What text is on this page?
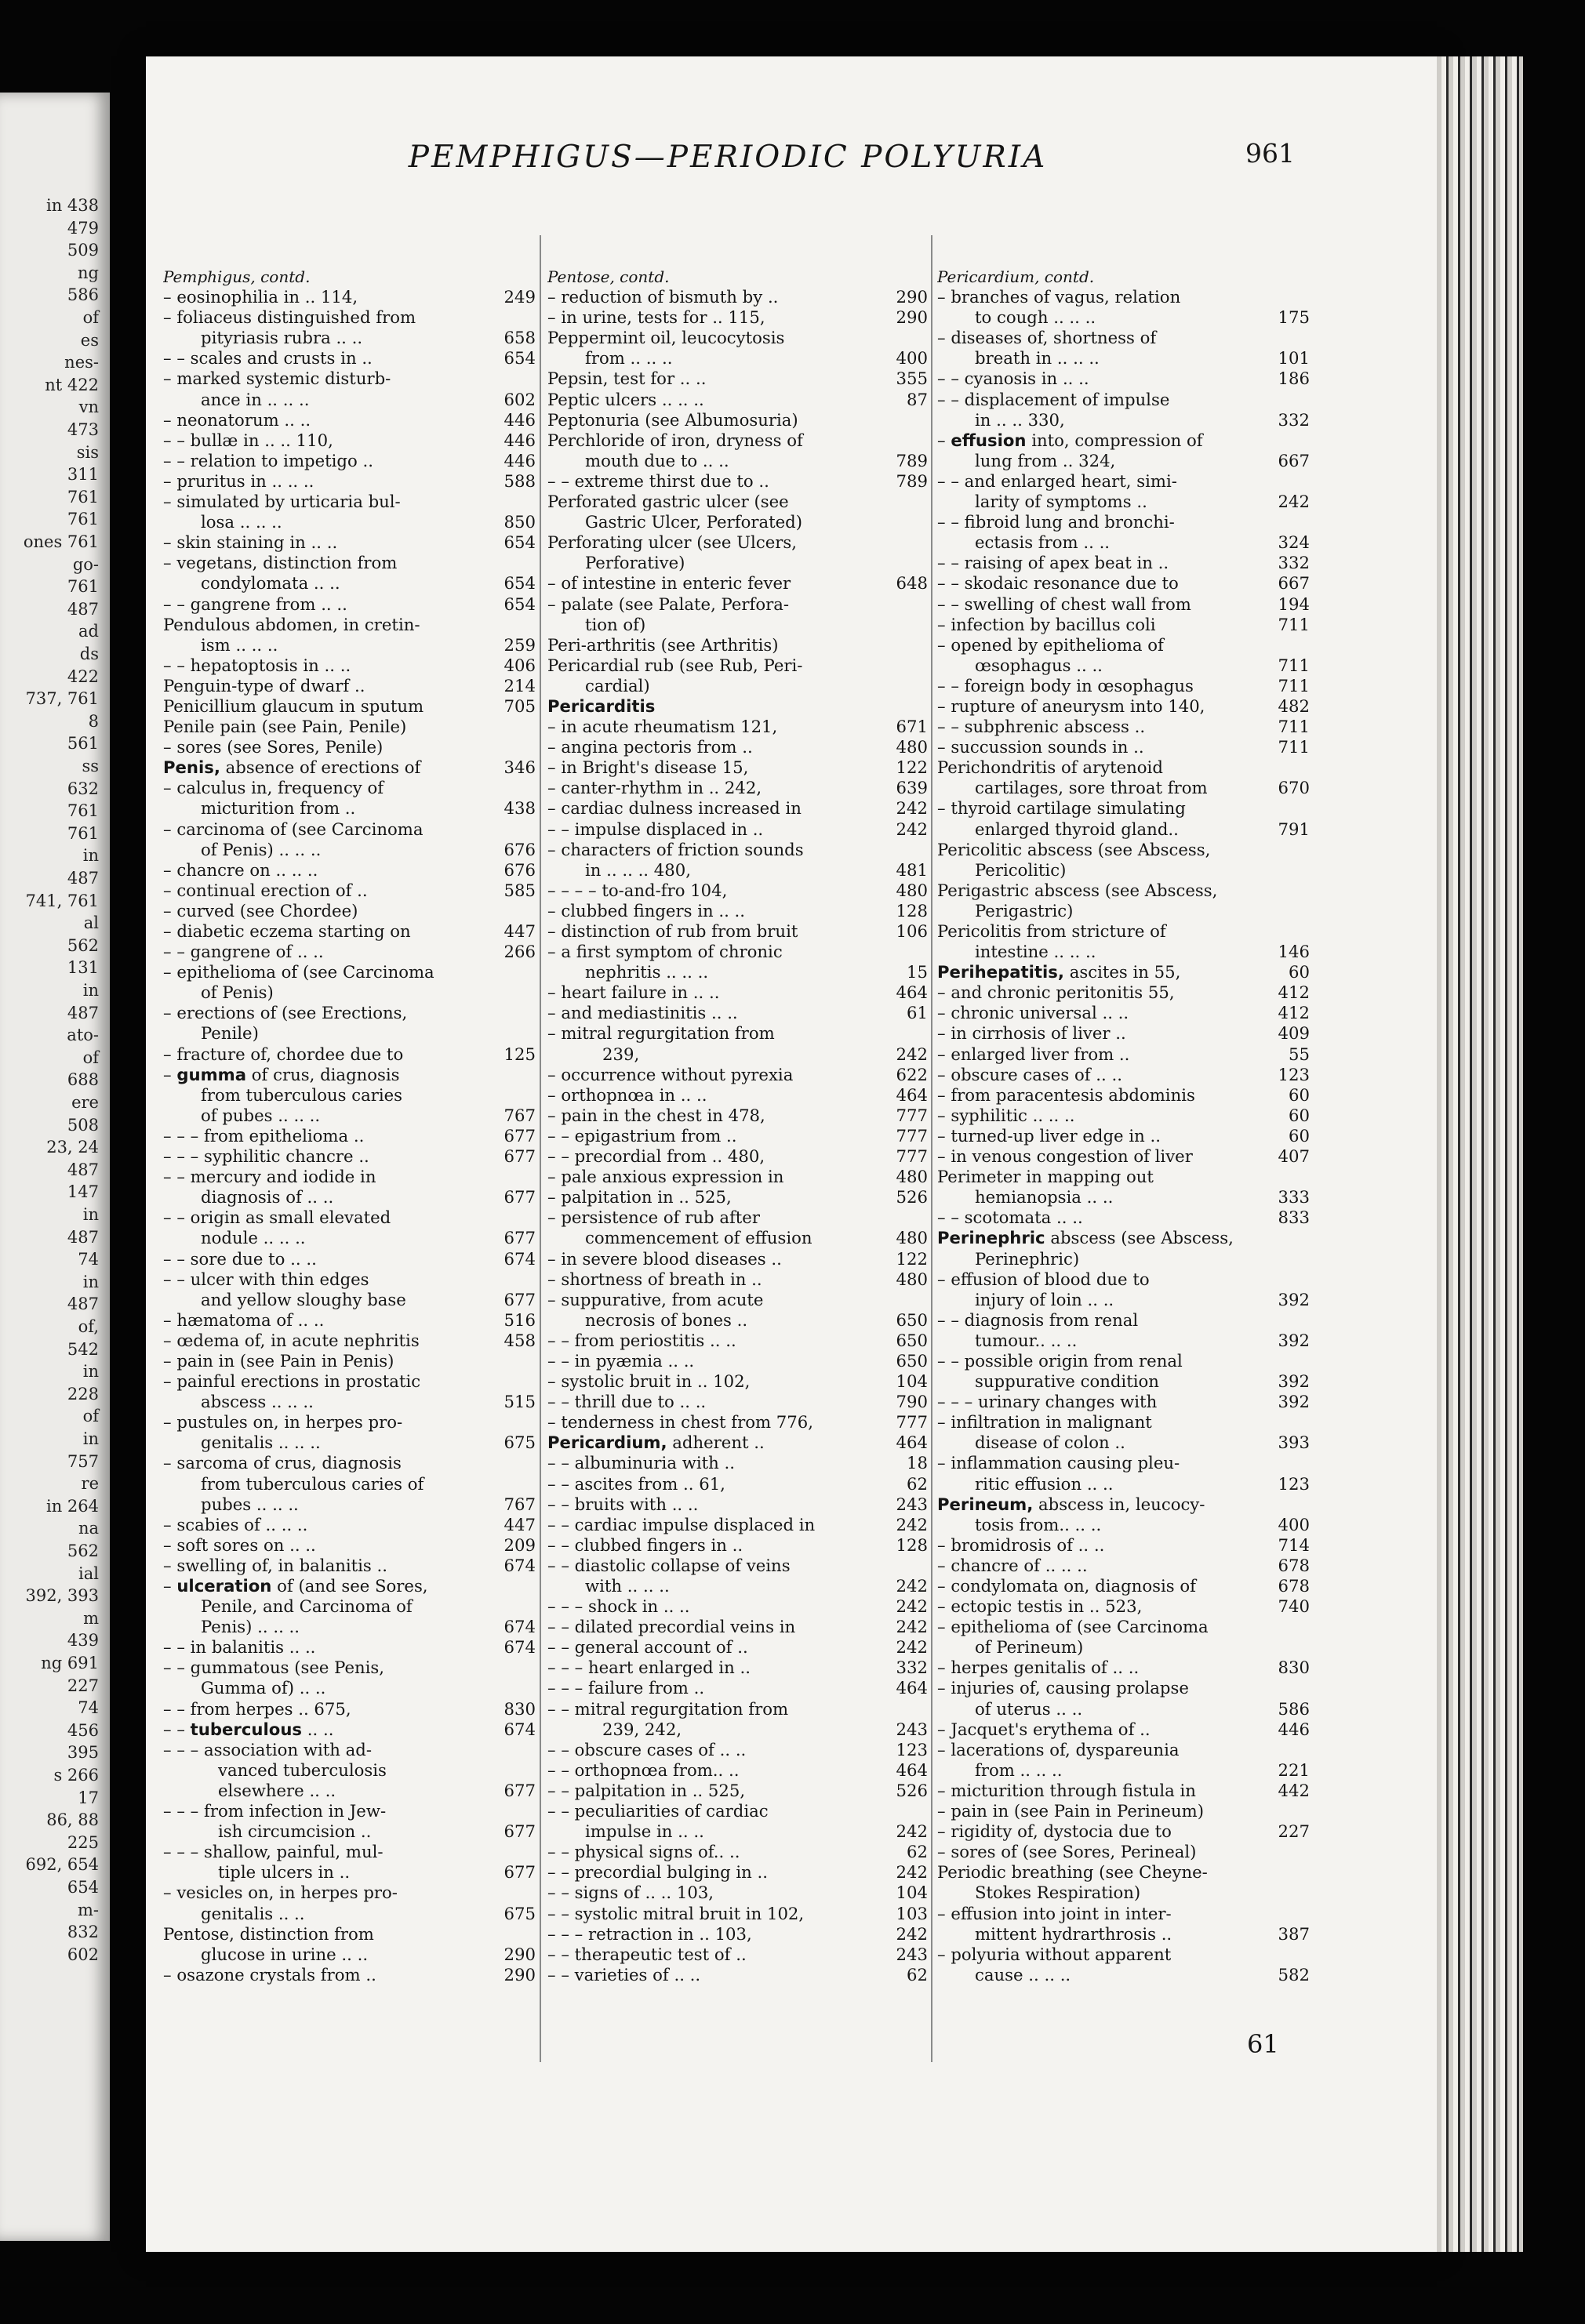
in 438
479
509
ng
586
of
es
nes-
nt 422
vn
473
sis
311
761
761
ones 761
go-
761
487
ad
ds
422
737, 761
8
561
ss
632
761
761
in
487
741, 761
al
562
131
in
487
ato-
of
688
ere
508
23, 24
487
147
in
487
74
in
487
of,
542
in
228
of
in
757
re
in 264
na
562
ial
392, 393
m
439
ng 691
227
74
456
395
s 266
17
86, 88
225
692, 654
654
m-
832
602
PEMPHIGUS—PERIODIC POLYURIA	961
Pemphigus, contd.
– eosinophilia in .. 114,	249
– foliaceus distinguished from
pityriasis rubra .. ..	658
– – scales and crusts in ..	654
– marked systemic disturb-
ance in .. .. ..	602
– neonatorum .. ..	446
– – bullæ in .. .. 110,	446
– – relation to impetigo ..	446
– pruritus in .. .. ..	588
– simulated by urticaria bul-
losa .. .. ..	850
– skin staining in .. ..	654
– vegetans, distinction from
condylomata .. ..	654
– – gangrene from .. ..	654
Pendulous abdomen, in cretin-
ism .. .. ..	259
– – hepatoptosis in .. ..	406
Penguin-type of dwarf ..	214
Penicillium glaucum in sputum	705
Penile pain (see Pain, Penile)
– sores (see Sores, Penile)
Penis, absence of erections of	346
– calculus in, frequency of
micturition from ..	438
– carcinoma of (see Carcinoma
of Penis) .. .. ..	676
– chancre on .. .. ..	676
– continual erection of ..	585
– curved (see Chordee)
– diabetic eczema starting on	447
– – gangrene of .. ..	266
– epithelioma of (see Carcinoma
of Penis)
– erections of (see Erections,
Penile)
– fracture of, chordee due to	125
– gumma of crus, diagnosis
from tuberculous caries
of pubes .. .. ..	767
– – – from epithelioma ..	677
– – – syphilitic chancre ..	677
– – mercury and iodide in
diagnosis of .. ..	677
– – origin as small elevated
nodule .. .. ..	677
– – sore due to .. ..	674
– – ulcer with thin edges
and yellow sloughy base	677
– hæmatoma of .. ..	516
– œdema of, in acute nephritis	458
– pain in (see Pain in Penis)
– painful erections in prostatic
abscess .. .. ..	515
– pustules on, in herpes pro-
genitalis .. .. ..	675
– sarcoma of crus, diagnosis
from tuberculous caries of
pubes .. .. ..	767
– scabies of .. .. ..	447
– soft sores on .. ..	209
– swelling of, in balanitis ..	674
– ulceration of (and see Sores,
Penile, and Carcinoma of
Penis) .. .. ..	674
– – in balanitis .. ..	674
– – gummatous (see Penis,
Gumma of) .. ..
– – from herpes .. 675,	830
– – tuberculous .. ..	674
– – – association with ad-
vanced tuberculosis
elsewhere .. ..	677
– – – from infection in Jew-
ish circumcision ..	677
– – – shallow, painful, mul-
tiple ulcers in ..	677
– vesicles on, in herpes pro-
genitalis .. ..	675
Pentose, distinction from
glucose in urine .. ..	290
– osazone crystals from ..	290
Pentose, contd.
– reduction of bismuth by ..	290
– in urine, tests for .. 115,	290
Peppermint oil, leucocytosis
from .. .. ..	400
Pepsin, test for .. ..	355
Peptic ulcers .. .. ..	87
Peptonuria (see Albumosuria)
Perchloride of iron, dryness of
mouth due to .. ..	789
– – extreme thirst due to ..	789
Perforated gastric ulcer (see
Gastric Ulcer, Perforated)
Perforating ulcer (see Ulcers,
Perforative)
– of intestine in enteric fever	648
– palate (see Palate, Perfora-
tion of)
Peri-arthritis (see Arthritis)
Pericardial rub (see Rub, Peri-
cardial)
Pericarditis
– in acute rheumatism 121,	671
– angina pectoris from ..	480
– in Bright's disease 15,	122
– canter-rhythm in .. 242,	639
– cardiac dulness increased in	242
– – impulse displaced in ..	242
– characters of friction sounds
in .. .. .. 480,	481
– – – – to-and-fro 104,	480
– clubbed fingers in .. ..	128
– distinction of rub from bruit	106
– a first symptom of chronic
nephritis .. .. ..	15
– heart failure in .. ..	464
– and mediastinitis .. ..	61
– mitral regurgitation from
239,	242
– occurrence without pyrexia	622
– orthopnœa in .. ..	464
– pain in the chest in 478,	777
– – epigastrium from ..	777
– – precordial from .. 480,	777
– pale anxious expression in	480
– palpitation in .. 525,	526
– persistence of rub after
commencement of effusion	480
– in severe blood diseases ..	122
– shortness of breath in ..	480
– suppurative, from acute
necrosis of bones ..	650
– – from periostitis .. ..	650
– – in pyæmia .. ..	650
– systolic bruit in .. 102,	104
– – thrill due to .. ..	790
– tenderness in chest from 776,	777
Pericardium, adherent ..	464
– – albuminuria with ..	18
– – ascites from .. 61,	62
– – bruits with .. ..	243
– – cardiac impulse displaced in	242
– – clubbed fingers in ..	128
– – diastolic collapse of veins
with .. .. ..	242
– – – shock in .. ..	242
– – dilated precordial veins in	242
– – general account of ..	242
– – – heart enlarged in ..	332
– – – failure from ..	464
– – mitral regurgitation from
239, 242,	243
– – obscure cases of .. ..	123
– – orthopnœa from.. ..	464
– – palpitation in .. 525,	526
– – peculiarities of cardiac
impulse in .. ..	242
– – physical signs of.. ..	62
– – precordial bulging in ..	242
– – signs of .. .. 103,	104
– – systolic mitral bruit in 102,	103
– – – retraction in .. 103,	242
– – therapeutic test of ..	243
– – varieties of .. ..	62
Pericardium, contd.
– branches of vagus, relation
to cough .. .. ..	175
– diseases of, shortness of
breath in .. .. ..	101
– – cyanosis in .. ..	186
– – displacement of impulse
in .. .. 330,	332
– effusion into, compression of
lung from .. 324,	667
– – and enlarged heart, simi-
larity of symptoms ..	242
– – fibroid lung and bronchi-
ectasis from .. ..	324
– – raising of apex beat in ..	332
– – skodaic resonance due to	667
– – swelling of chest wall from	194
– infection by bacillus coli	711
– opened by epithelioma of
œsophagus .. ..	711
– – foreign body in œsophagus	711
– rupture of aneurysm into 140,	482
– – subphrenic abscess ..	711
– succussion sounds in ..	711
Perichondritis of arytenoid
cartilages, sore throat from	670
– thyroid cartilage simulating
enlarged thyroid gland..	791
Pericolitic abscess (see Abscess,
Pericolitic)
Perigastric abscess (see Abscess,
Perigastric)
Pericolitis from stricture of
intestine .. .. ..	146
Perihepatitis, ascites in 55,	60
– and chronic peritonitis 55,	412
– chronic universal .. ..	412
– in cirrhosis of liver ..	409
– enlarged liver from ..	55
– obscure cases of .. ..	123
– from paracentesis abdominis	60
– syphilitic .. .. ..	60
– turned-up liver edge in ..	60
– in venous congestion of liver	407
Perimeter in mapping out
hemianopsia .. ..	333
– – scotomata .. ..	833
Perinephric abscess (see Abscess,
Perinephric)
– effusion of blood due to
injury of loin .. ..	392
– – diagnosis from renal
tumour.. .. ..	392
– – possible origin from renal
suppurative condition	392
– – – urinary changes with	392
– infiltration in malignant
disease of colon ..	393
– inflammation causing pleu-
ritic effusion .. ..	123
Perineum, abscess in, leucocy-
tosis from.. .. ..	400
– bromidrosis of .. ..	714
– chancre of .. .. ..	678
– condylomata on, diagnosis of	678
– ectopic testis in .. 523,	740
– epithelioma of (see Carcinoma
of Perineum)
– herpes genitalis of .. ..	830
– injuries of, causing prolapse
of uterus .. ..	586
– Jacquet's erythema of ..	446
– lacerations of, dyspareunia
from .. .. ..	221
– micturition through fistula in	442
– pain in (see Pain in Perineum)
– rigidity of, dystocia due to	227
– sores of (see Sores, Perineal)
Periodic breathing (see Cheyne-
Stokes Respiration)
– effusion into joint in inter-
mittent hydrarthrosis ..	387
– polyuria without apparent
cause .. .. ..	582
61
